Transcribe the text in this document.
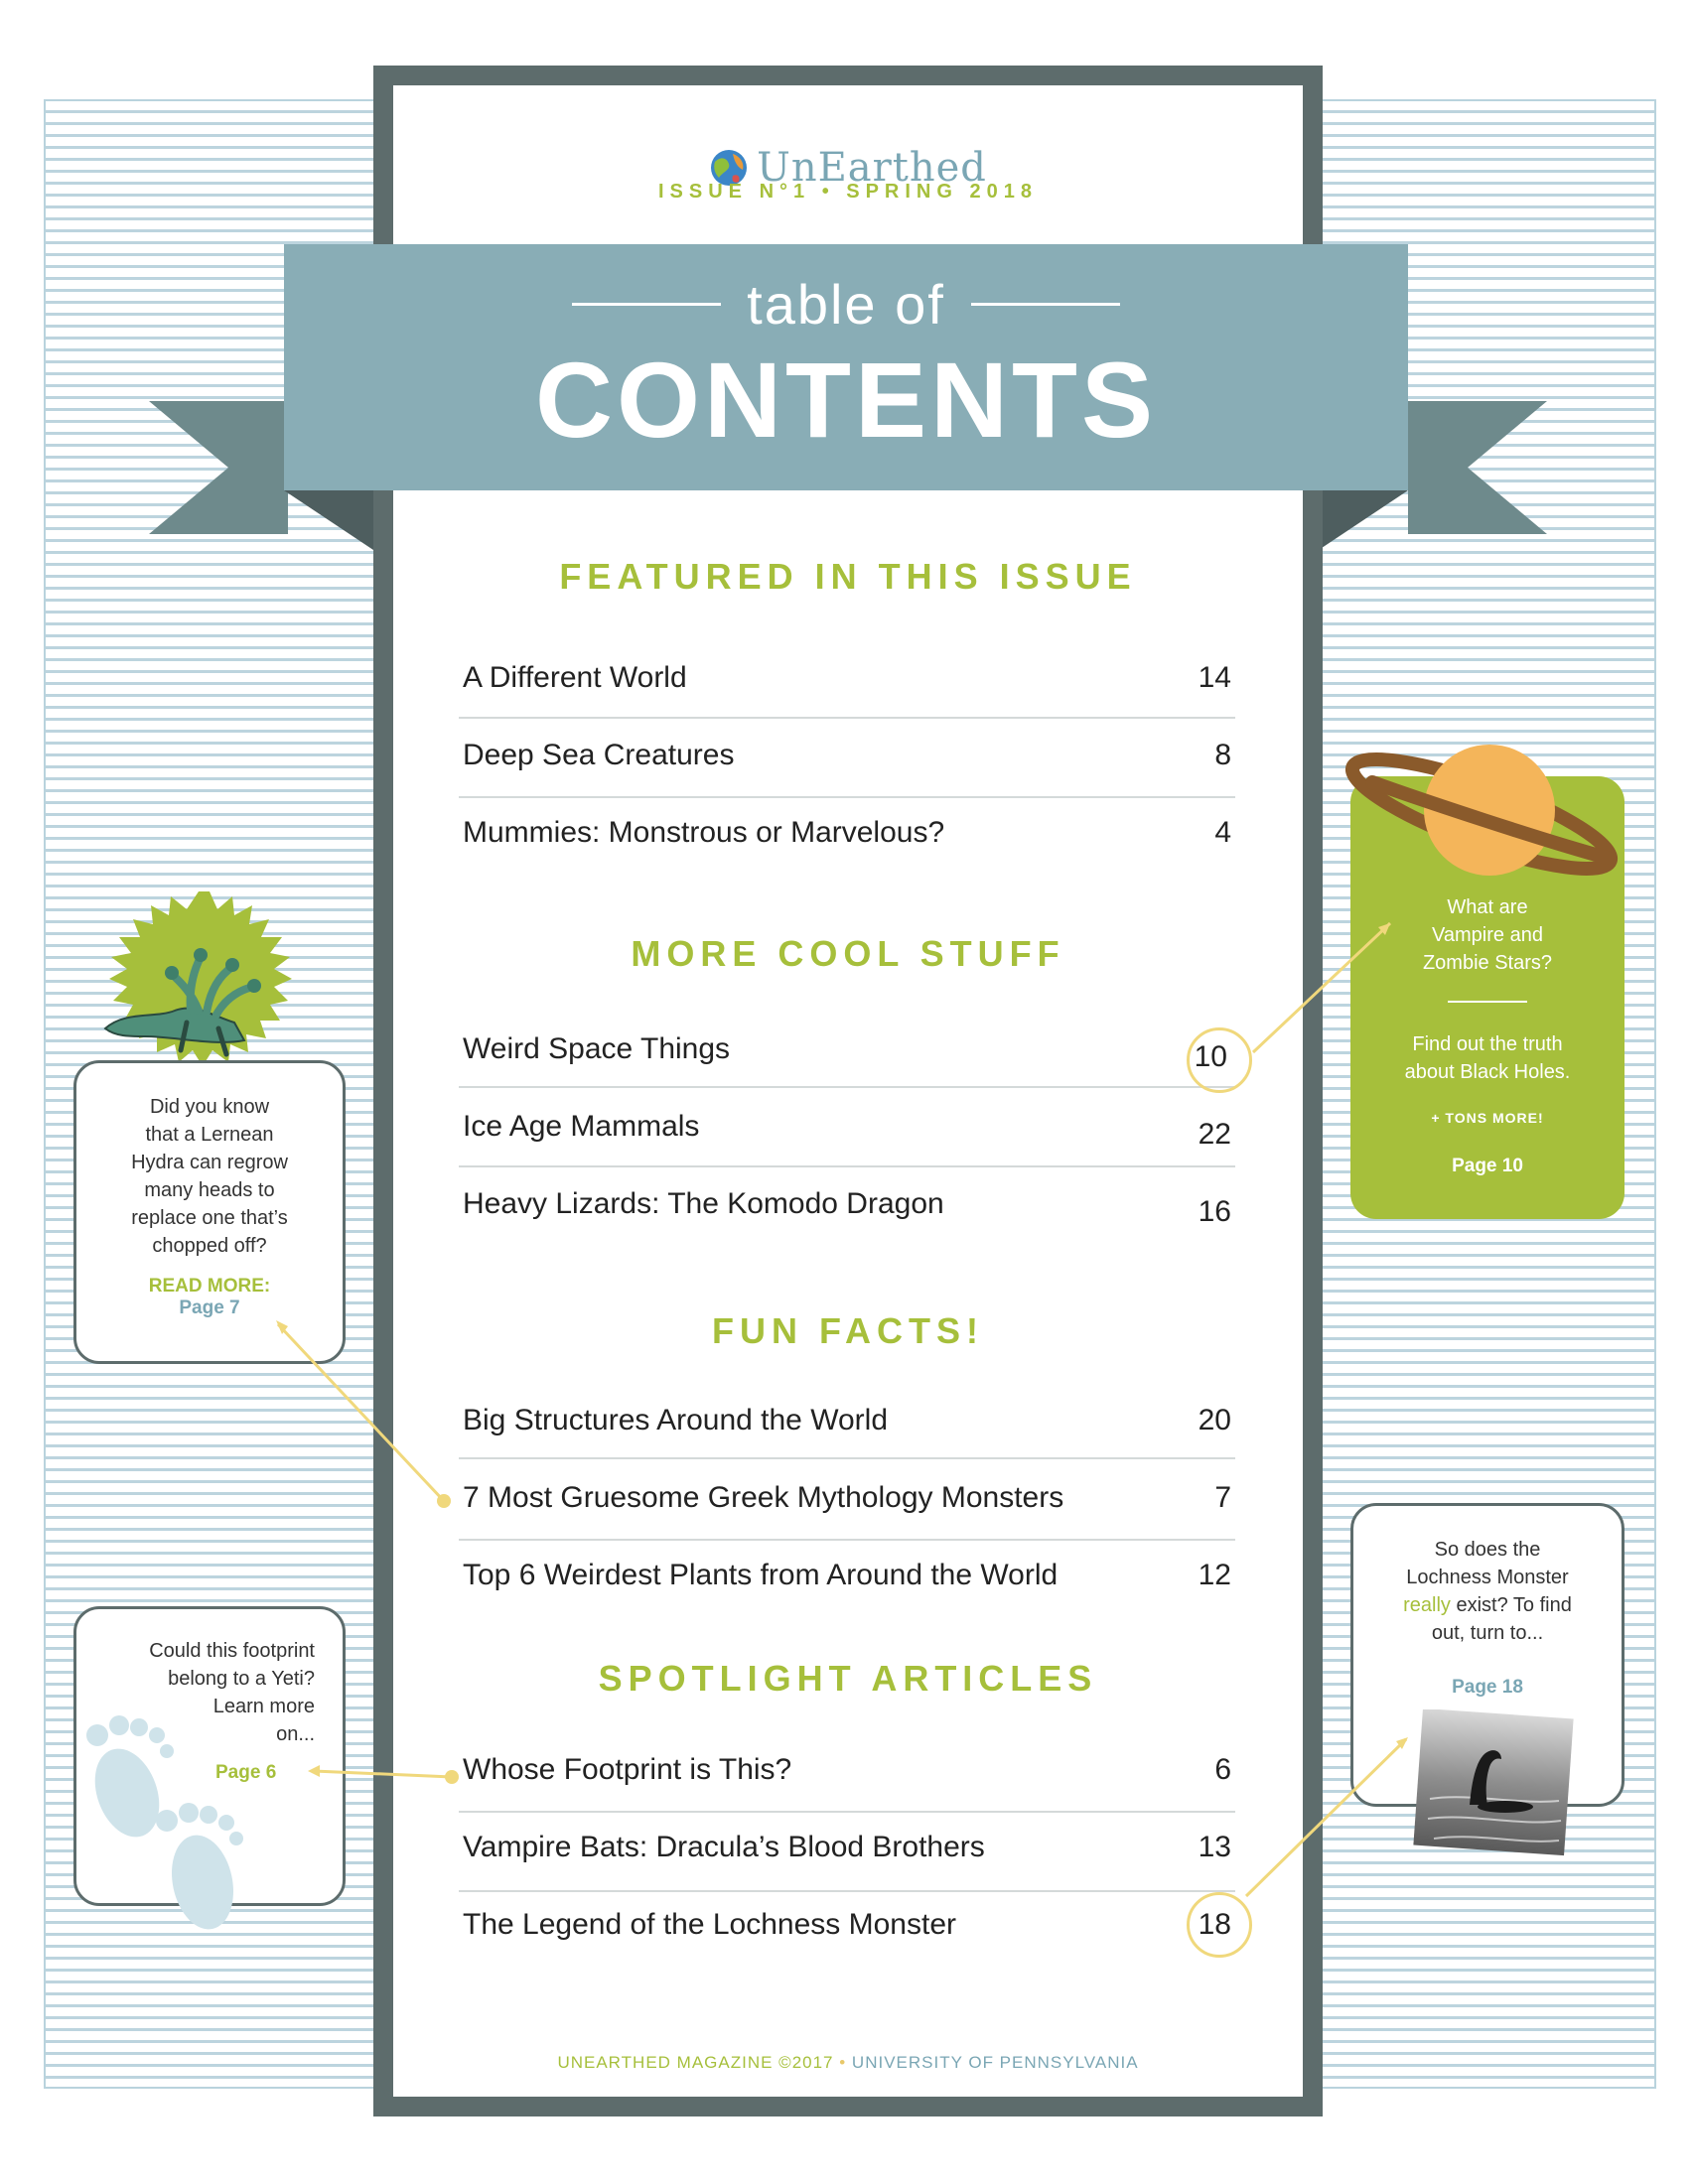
UnEarthed
ISSUE N°1 • SPRING 2018
UNEARTHED MAGAZINE ©2017 • UNIVERSITY OF PENNSYLVANIA
table of
CONTENTS
FEATURED IN THIS ISSUE
MORE COOL STUFF
FUN FACTS!
SPOTLIGHT ARTICLES
A Different World	14
Deep Sea Creatures	8
Mummies: Monstrous or Marvelous?	4
Weird Space Things	10
Ice Age Mammals	22
Heavy Lizards: The Komodo Dragon	16
Big Structures Around the World	20
7 Most Gruesome Greek Mythology Monsters	7
Top 6 Weirdest Plants from Around the World	12
Whose Footprint is This?	6
Vampire Bats: Dracula’s Blood Brothers	13
The Legend of the Lochness Monster	18
Did you know
that a Lernean
Hydra can regrow
many heads to
replace one that’s
chopped off?
READ MORE:
Page 7
What are
Vampire and
Zombie Stars?
Find out the truth
about Black Holes.
+ TONS MORE!
Page 10
Could this footprint
belong to a Yeti?
Learn more
on...
Page 6
So does the
Lochness Monster
really exist? To find
out, turn to...
Page 18
